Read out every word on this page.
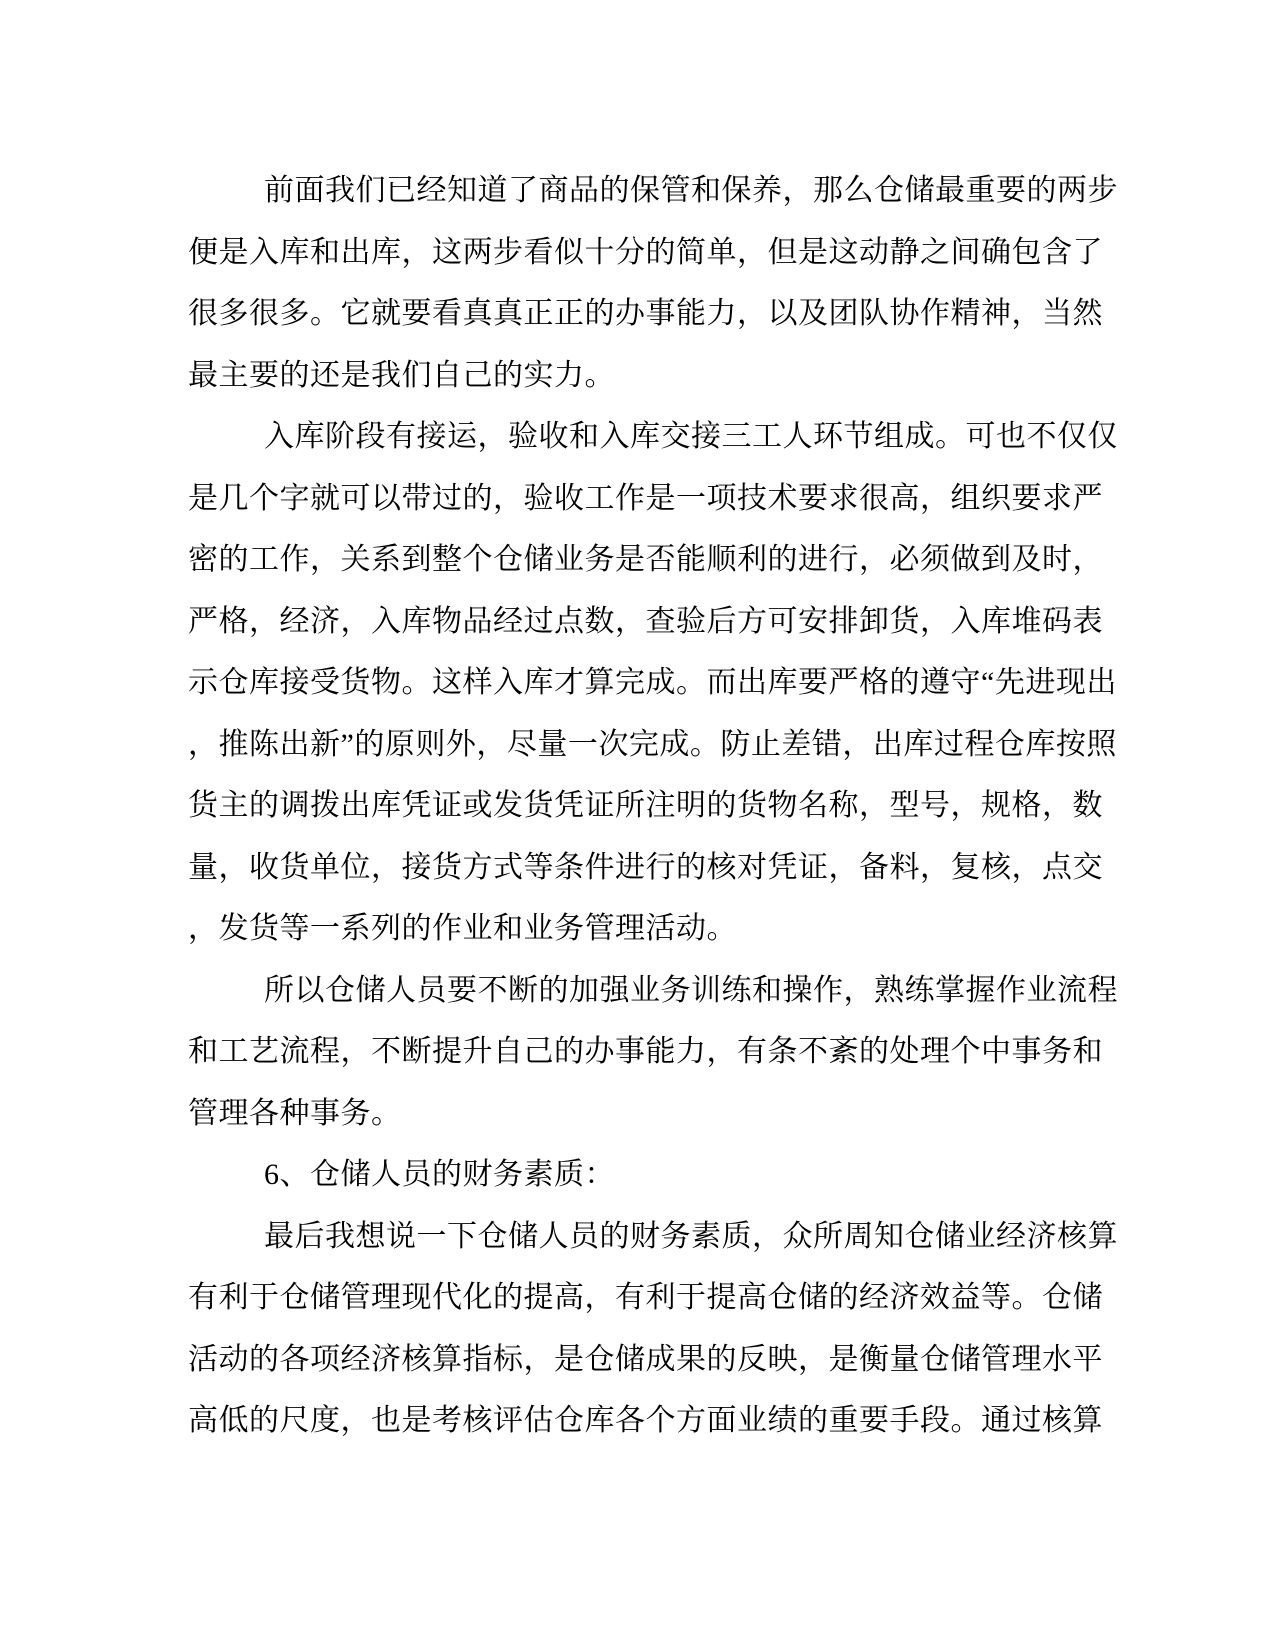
前面我们已经知道了商品的保管和保养，那么仓储最重要的两步
便是入库和出库，这两步看似十分的简单，但是这动静之间确包含了
很多很多。它就要看真真正正的办事能力，以及团队协作精神，当然
最主要的还是我们自己的实力。
入库阶段有接运，验收和入库交接三工人环节组成。可也不仅仅
是几个字就可以带过的，验收工作是一项技术要求很高，组织要求严
密的工作，关系到整个仓储业务是否能顺利的进行，必须做到及时，
严格，经济，入库物品经过点数，查验后方可安排卸货，入库堆码表
示仓库接受货物。这样入库才算完成。而出库要严格的遵守“先进现出
，推陈出新”的原则外，尽量一次完成。防止差错，出库过程仓库按照
货主的调拨出库凭证或发货凭证所注明的货物名称，型号，规格，数
量，收货单位，接货方式等条件进行的核对凭证，备料，复核，点交
，发货等一系列的作业和业务管理活动。
所以仓储人员要不断的加强业务训练和操作，熟练掌握作业流程
和工艺流程，不断提升自己的办事能力，有条不紊的处理个中事务和
管理各种事务。
6、仓储人员的财务素质：
最后我想说一下仓储人员的财务素质，众所周知仓储业经济核算
有利于仓储管理现代化的提高，有利于提高仓储的经济效益等。仓储
活动的各项经济核算指标，是仓储成果的反映，是衡量仓储管理水平
高低的尺度，也是考核评估仓库各个方面业绩的重要手段。通过核算
